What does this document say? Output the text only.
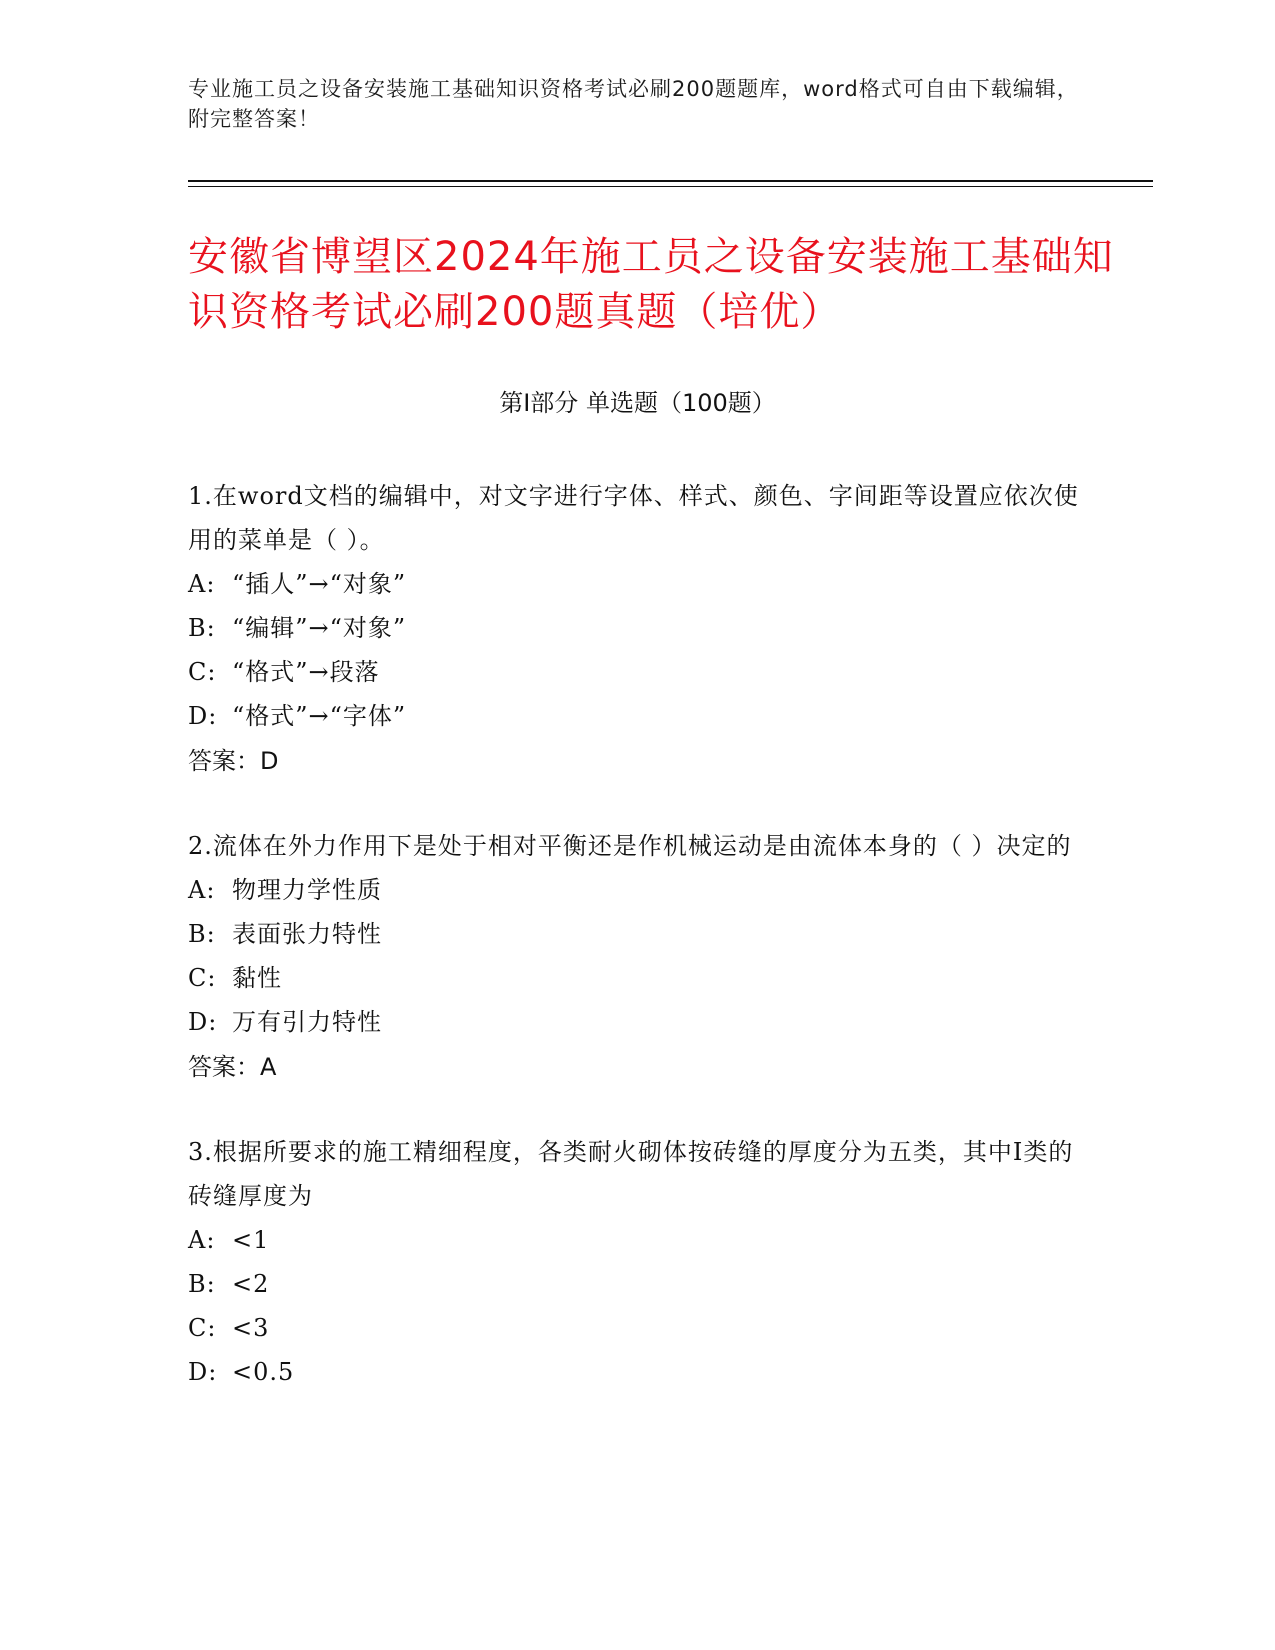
专业施工员之设备安装施工基础知识资格考试必刷200题题库，word格式可自由下载编辑，附完整答案！
安徽省博望区2024年施工员之设备安装施工基础知识资格考试必刷200题真题（培优）
第I部分 单选题（100题）
1.在word文档的编辑中，对文字进行字体、样式、颜色、字间距等设置应依次使用的菜单是（ ）。
A: “插人”→“对象”
B: “编辑”→“对象”
C: “格式”→段落
D: “格式”→“字体”
答案：D
2.流体在外力作用下是处于相对平衡还是作机械运动是由流体本身的（ ）决定的
A: 物理力学性质
B: 表面张力特性
C: 黏性
D: 万有引力特性
答案：A
3.根据所要求的施工精细程度，各类耐火砌体按砖缝的厚度分为五类，其中Ⅰ类的砖缝厚度为
A: <1
B: <2
C: <3
D: <0.5
